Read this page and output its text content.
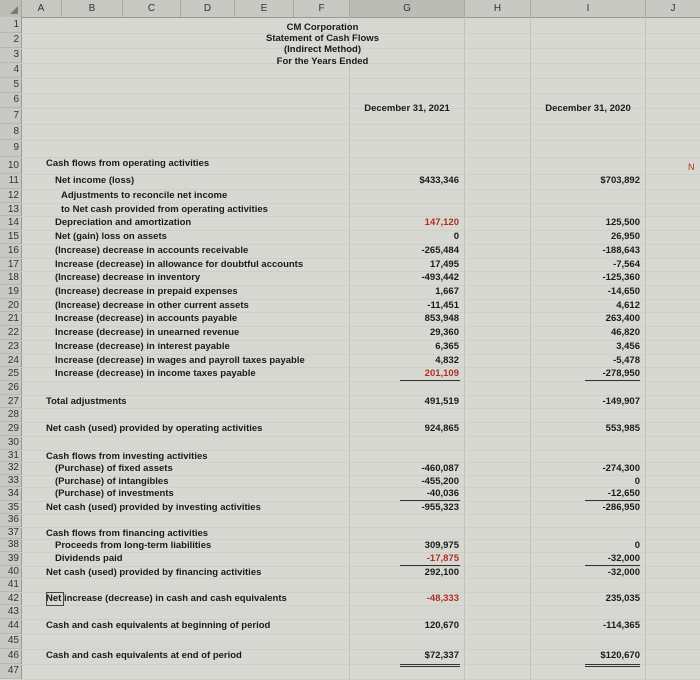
A	B	C	D	E	F	G	H	I	J
1
2
3
4
5
6
7
8
9
10
11
12
13
14
15
16
17
18
19
20
21
22
23
24
25
26
27
28
29
30
31
32
33
34
35
36
37
38
39
40
41
42
43
44
45
46
47
CM Corporation
Statement of Cash Flows
(Indirect Method)
For the Years Ended
December 31, 2021	December 31, 2020
Cash flows from operating activities
Net income (loss)	$433,346	$703,892
Adjustments to reconcile net income
to Net cash provided from operating activities
Depreciation and amortization	147,120	125,500
Net (gain) loss on assets	0	26,950
(Increase) decrease in accounts receivable	-265,484	-188,643
Increase (decrease) in allowance for doubtful accounts	17,495	-7,564
(Increase) decrease in inventory	-493,442	-125,360
(Increase) decrease in prepaid expenses	1,667	-14,650
(Increase) decrease in other current assets	-11,451	4,612
Increase (decrease) in accounts payable	853,948	263,400
Increase (decrease) in unearned revenue	29,360	46,820
Increase (decrease) in interest payable	6,365	3,456
Increase (decrease) in wages and payroll taxes payable	4,832	-5,478
Increase (decrease) in income taxes payable	201,109	-278,950
Total adjustments	491,519	-149,907
Net cash (used) provided by operating activities	924,865	553,985
Cash flows from investing activities
(Purchase) of fixed assets	-460,087	-274,300
(Purchase) of intangibles	-455,200	0
(Purchase) of investments	-40,036	-12,650
Net cash (used) provided by investing activities	-955,323	-286,950
Cash flows from financing activities
Proceeds from long-term liabilities	309,975	0
Dividends paid	-17,875	-32,000
Net cash (used) provided by financing activities	292,100	-32,000
Net increase (decrease) in cash and cash equivalents	-48,333	235,035
Cash and cash equivalents at beginning of period	120,670	-114,365
Cash and cash equivalents at end of period	$72,337	$120,670
N
